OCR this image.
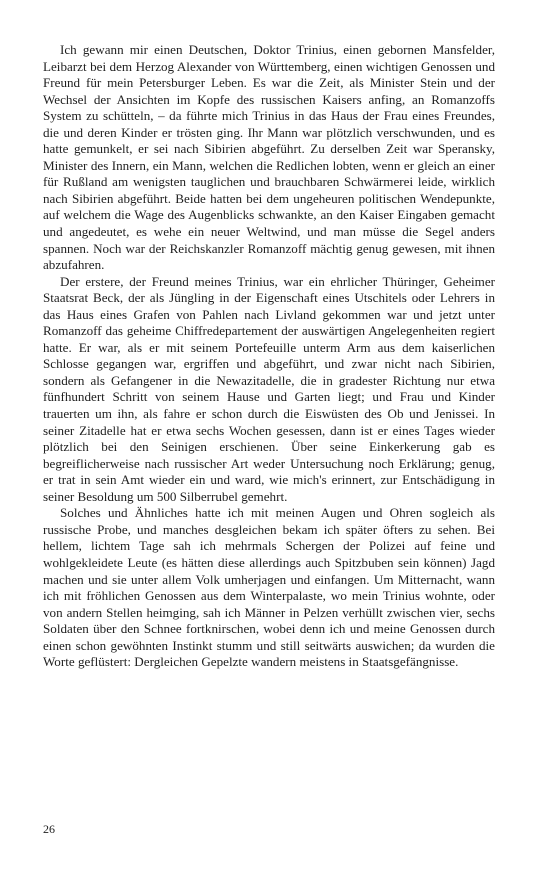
Ich gewann mir einen Deutschen, Doktor Trinius, einen gebornen Mansfelder, Leibarzt bei dem Herzog Alexander von Württemberg, einen wichtigen Genossen und Freund für mein Petersburger Leben. Es war die Zeit, als Minister Stein und der Wechsel der Ansichten im Kopfe des russischen Kaisers anfing, an Romanzoffs System zu schütteln, – da führte mich Trinius in das Haus der Frau eines Freundes, die und deren Kinder er trösten ging. Ihr Mann war plötzlich verschwunden, und es hatte gemunkelt, er sei nach Sibirien abgeführt. Zu derselben Zeit war Speransky, Minister des Innern, ein Mann, welchen die Redlichen lobten, wenn er gleich an einer für Rußland am wenigsten tauglichen und brauchbaren Schwärmerei leide, wirklich nach Sibirien abgeführt. Beide hatten bei dem ungeheuren politischen Wendepunkte, auf welchem die Wage des Augenblicks schwankte, an den Kaiser Eingaben gemacht und angedeutet, es wehe ein neuer Weltwind, und man müsse die Segel anders spannen. Noch war der Reichskanzler Romanzoff mächtig genug gewesen, mit ihnen abzufahren.

Der erstere, der Freund meines Trinius, war ein ehrlicher Thüringer, Geheimer Staatsrat Beck, der als Jüngling in der Eigenschaft eines Utschitels oder Lehrers in das Haus eines Grafen von Pahlen nach Livland gekommen war und jetzt unter Romanzoff das geheime Chiffredepartement der auswärtigen Angelegenheiten regiert hatte. Er war, als er mit seinem Portefeuille unterm Arm aus dem kaiserlichen Schlosse gegangen war, ergriffen und abgeführt, und zwar nicht nach Sibirien, sondern als Gefangener in die Newazitadelle, die in gradester Richtung nur etwa fünfhundert Schritt von seinem Hause und Garten liegt; und Frau und Kinder trauerten um ihn, als fahre er schon durch die Eiswüsten des Ob und Jenissei. In seiner Zitadelle hat er etwa sechs Wochen gesessen, dann ist er eines Tages wieder plötzlich bei den Seinigen erschienen. Über seine Einkerkerung gab es begreiflicherweise nach russischer Art weder Untersuchung noch Erklärung; genug, er trat in sein Amt wieder ein und ward, wie mich's erinnert, zur Entschädigung in seiner Besoldung um 500 Silberrubel gemehrt.

Solches und Ähnliches hatte ich mit meinen Augen und Ohren sogleich als russische Probe, und manches desgleichen bekam ich später öfters zu sehen. Bei hellem, lichtem Tage sah ich mehrmals Schergen der Polizei auf feine und wohlgekleidete Leute (es hätten diese allerdings auch Spitzbuben sein können) Jagd machen und sie unter allem Volk umherjagen und einfangen. Um Mitternacht, wann ich mit fröhlichen Genossen aus dem Winterpalaste, wo mein Trinius wohnte, oder von andern Stellen heimging, sah ich Männer in Pelzen verhüllt zwischen vier, sechs Soldaten über den Schnee fortknirschen, wobei denn ich und meine Genossen durch einen schon gewöhnten Instinkt stumm und still seitwärts auswichen; da wurden die Worte geflüstert: Dergleichen Gepelzte wandern meistens in Staatsgefängnisse.

26
